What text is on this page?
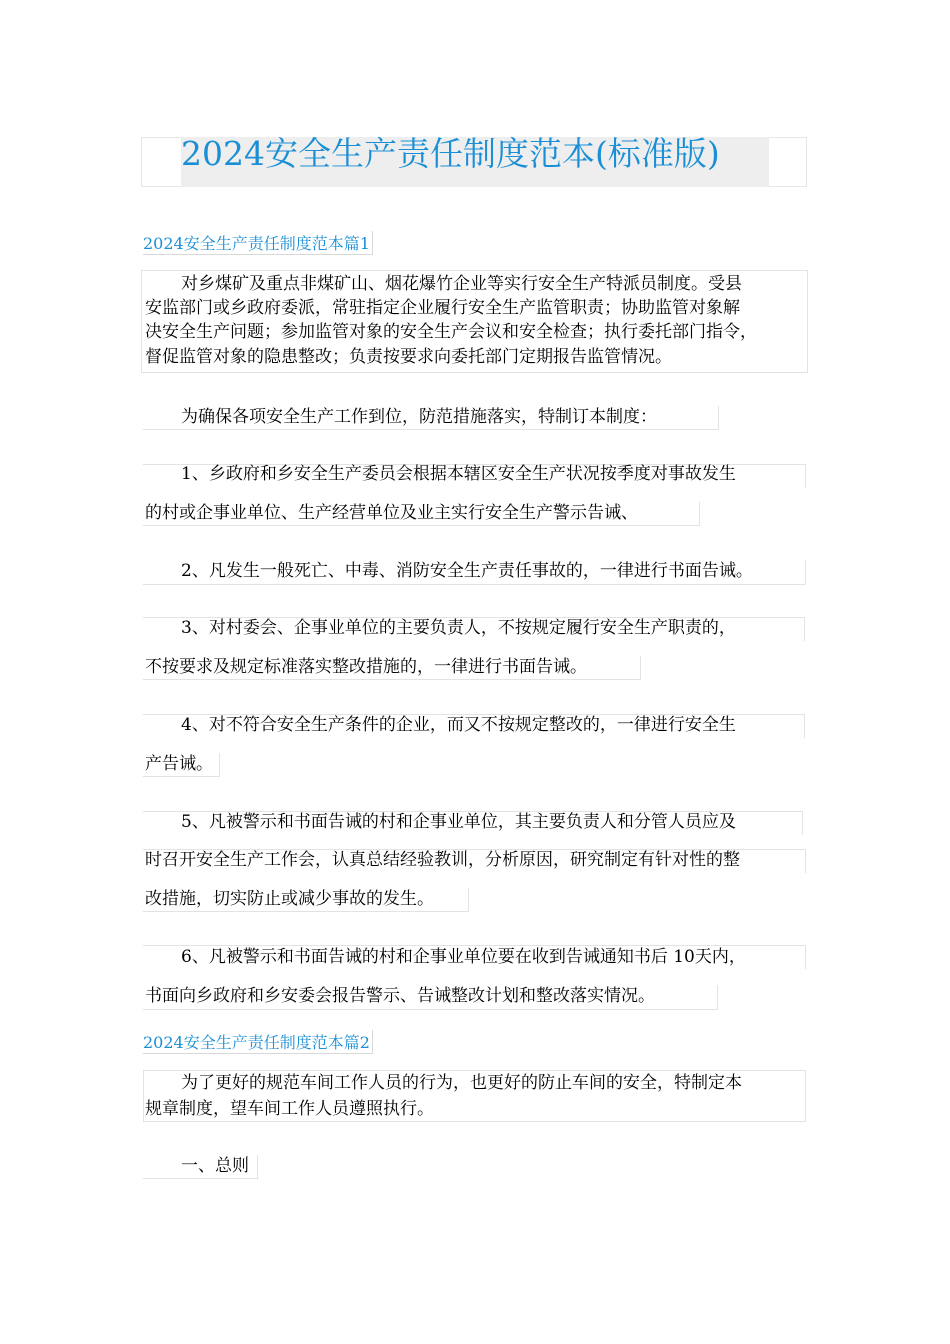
2024安全生产责任制度范本(标准版)
2024安全生产责任制度范本篇1
对乡煤矿及重点非煤矿山、烟花爆竹企业等实行安全生产特派员制度。受县
安监部门或乡政府委派，常驻指定企业履行安全生产监管职责；协助监管对象解
决安全生产问题；参加监管对象的安全生产会议和安全检查；执行委托部门指令，
督促监管对象的隐患整改；负责按要求向委托部门定期报告监管情况。
为确保各项安全生产工作到位，防范措施落实，特制订本制度：
1、乡政府和乡安全生产委员会根据本辖区安全生产状况按季度对事故发生
的村或企事业单位、生产经营单位及业主实行安全生产警示告诫、
2、凡发生一般死亡、中毒、消防安全生产责任事故的，一律进行书面告诫。
3、对村委会、企事业单位的主要负责人，不按规定履行安全生产职责的，
不按要求及规定标准落实整改措施的，一律进行书面告诫。
4、对不符合安全生产条件的企业，而又不按规定整改的，一律进行安全生
产告诫。
5、凡被警示和书面告诫的村和企事业单位，其主要负责人和分管人员应及
时召开安全生产工作会，认真总结经验教训，分析原因，研究制定有针对性的整
改措施，切实防止或减少事故的发生。
6、凡被警示和书面告诫的村和企事业单位要在收到告诫通知书后 10天内，
书面向乡政府和乡安委会报告警示、告诫整改计划和整改落实情况。
2024安全生产责任制度范本篇2
为了更好的规范车间工作人员的行为，也更好的防止车间的安全，特制定本
规章制度，望车间工作人员遵照执行。
一、总则
